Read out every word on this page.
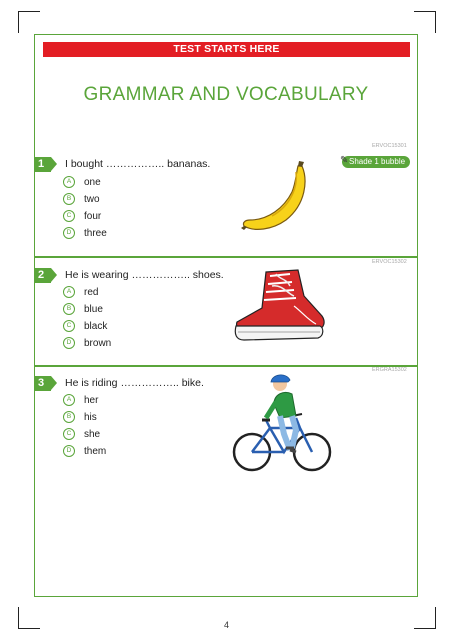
TEST STARTS HERE
GRAMMAR AND VOCABULARY
ERVOC15301
✎ Shade 1 bubble
1	I bought …………….. bananas.
A	one
B	two
C	four
D	three
ERVOC15302
2	He is wearing …………….. shoes.
A	red
B	blue
C	black
D	brown
ERGRA15302
3	He is riding …………….. bike.
A	her
B	his
C	she
D	them
4
